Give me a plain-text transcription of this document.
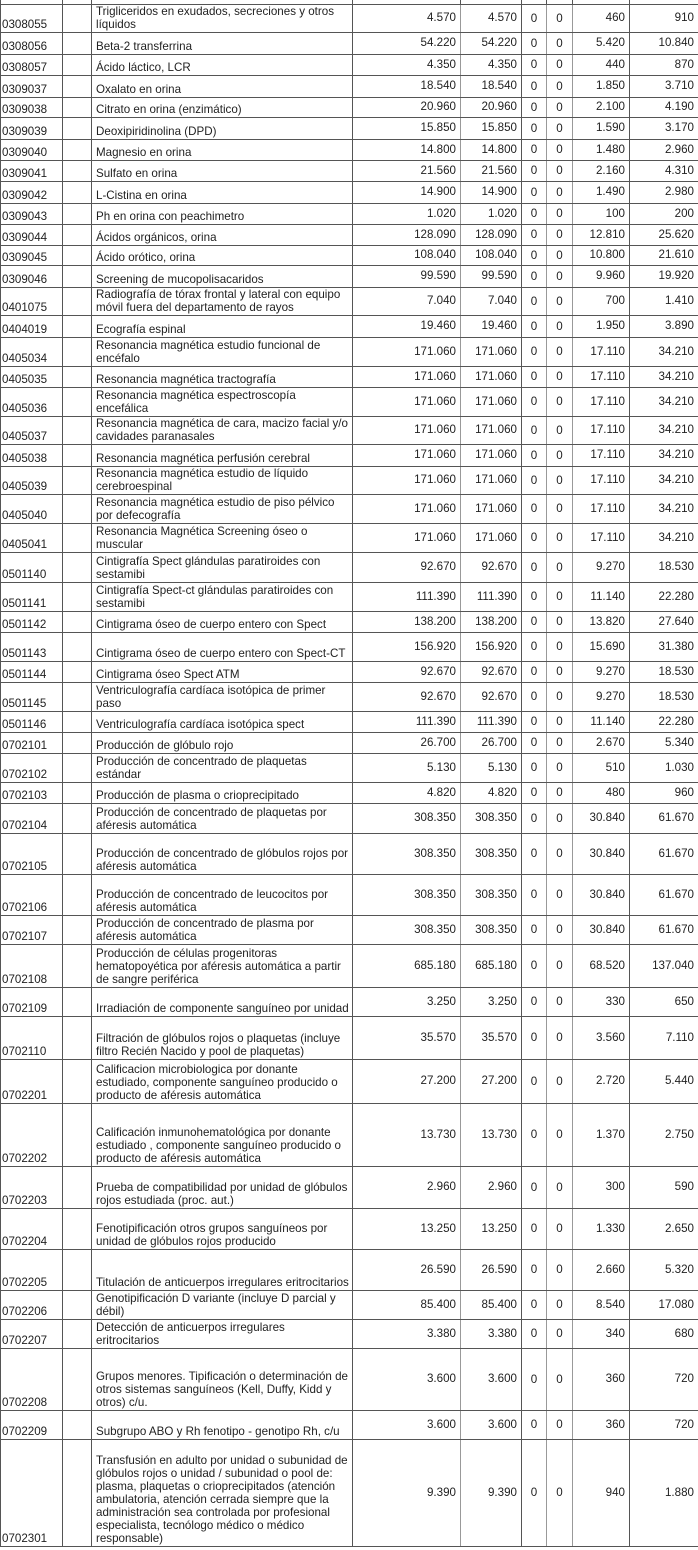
0308055		Trigliceridos en exudados, secreciones y otros líquidos	4.570	4.570	0	0	460	910
0308056		Beta-2 transferrina	54.220	54.220	0	0	5.420	10.840
0308057		Ácido láctico, LCR	4.350	4.350	0	0	440	870
0309037		Oxalato en orina	18.540	18.540	0	0	1.850	3.710
0309038		Citrato en orina (enzimático)	20.960	20.960	0	0	2.100	4.190
0309039		Deoxipiridinolina (DPD)	15.850	15.850	0	0	1.590	3.170
0309040		Magnesio en orina	14.800	14.800	0	0	1.480	2.960
0309041		Sulfato en orina	21.560	21.560	0	0	2.160	4.310
0309042		L-Cistina en orina	14.900	14.900	0	0	1.490	2.980
0309043		Ph en orina con peachimetro	1.020	1.020	0	0	100	200
0309044		Ácidos orgánicos, orina	128.090	128.090	0	0	12.810	25.620
0309045		Ácido orótico, orina	108.040	108.040	0	0	10.800	21.610
0309046		Screening de mucopolisacaridos	99.590	99.590	0	0	9.960	19.920
0401075		Radiografía de tórax frontal y lateral con equipo móvil fuera del departamento de rayos	7.040	7.040	0	0	700	1.410
0404019		Ecografía espinal	19.460	19.460	0	0	1.950	3.890
0405034		Resonancia magnética estudio funcional de encéfalo	171.060	171.060	0	0	17.110	34.210
0405035		Resonancia magnética tractografía	171.060	171.060	0	0	17.110	34.210
0405036		Resonancia magnética espectroscopía encefálica	171.060	171.060	0	0	17.110	34.210
0405037		Resonancia magnética de cara, macizo facial y/o cavidades paranasales	171.060	171.060	0	0	17.110	34.210
0405038		Resonancia magnética perfusión cerebral	171.060	171.060	0	0	17.110	34.210
0405039		Resonancia magnética estudio de líquido cerebroespinal	171.060	171.060	0	0	17.110	34.210
0405040		Resonancia magnética estudio de piso pélvico por defecografía	171.060	171.060	0	0	17.110	34.210
0405041		Resonancia Magnética Screening óseo o muscular	171.060	171.060	0	0	17.110	34.210
0501140		Cintigrafía Spect glándulas paratiroides con sestamibi	92.670	92.670	0	0	9.270	18.530
0501141		Cintigrafía Spect-ct glándulas paratiroides con sestamibi	111.390	111.390	0	0	11.140	22.280
0501142		Cintigrama óseo de cuerpo entero con Spect	138.200	138.200	0	0	13.820	27.640
0501143		Cintigrama óseo de cuerpo entero con Spect-CT	156.920	156.920	0	0	15.690	31.380
0501144		Cintigrama óseo Spect ATM	92.670	92.670	0	0	9.270	18.530
0501145		Ventriculografía cardíaca isotópica de primer paso	92.670	92.670	0	0	9.270	18.530
0501146		Ventriculografía cardíaca isotópica spect	111.390	111.390	0	0	11.140	22.280
0702101		Producción de glóbulo rojo	26.700	26.700	0	0	2.670	5.340
0702102		Producción de concentrado de plaquetas estándar	5.130	5.130	0	0	510	1.030
0702103		Producción de plasma o crioprecipitado	4.820	4.820	0	0	480	960
0702104		Producción de concentrado de plaquetas por aféresis automática	308.350	308.350	0	0	30.840	61.670
0702105		Producción de concentrado de glóbulos rojos por aféresis automática	308.350	308.350	0	0	30.840	61.670
0702106		Producción de concentrado de leucocitos por aféresis automática	308.350	308.350	0	0	30.840	61.670
0702107		Producción de concentrado de plasma por aféresis automática	308.350	308.350	0	0	30.840	61.670
0702108		Producción de células progenitoras hematopoyética por aféresis automática a partir de sangre periférica	685.180	685.180	0	0	68.520	137.040
0702109		Irradiación de componente sanguíneo por unidad	3.250	3.250	0	0	330	650
0702110		Filtración de glóbulos rojos o plaquetas (incluye filtro Recién Nacido y pool de plaquetas)	35.570	35.570	0	0	3.560	7.110
0702201		Calificacion microbiologica por donante estudiado, componente sanguíneo producido o producto de aféresis automática	27.200	27.200	0	0	2.720	5.440
0702202		Calificación inmunohematológica por donante estudiado , componente sanguíneo producido o producto de aféresis automática	13.730	13.730	0	0	1.370	2.750
0702203		Prueba de compatibilidad por unidad de glóbulos rojos estudiada (proc. aut.)	2.960	2.960	0	0	300	590
0702204		Fenotipificación otros grupos sanguíneos por unidad de glóbulos rojos producido	13.250	13.250	0	0	1.330	2.650
0702205		Titulación de anticuerpos irregulares eritrocitarios	26.590	26.590	0	0	2.660	5.320
0702206		Genotipificación D variante (incluye D parcial y débil)	85.400	85.400	0	0	8.540	17.080
0702207		Detección de anticuerpos irregulares eritrocitarios	3.380	3.380	0	0	340	680
0702208		Grupos menores. Tipificación o determinación de otros sistemas sanguíneos (Kell, Duffy, Kidd y otros) c/u.	3.600	3.600	0	0	360	720
0702209		Subgrupo ABO y Rh fenotipo - genotipo Rh, c/u	3.600	3.600	0	0	360	720
0702301		Transfusión en adulto por unidad o subunidad de glóbulos rojos o unidad / subunidad o pool de: plasma, plaquetas o crioprecipitados (atención ambulatoria, atención cerrada siempre que la administración sea controlada por profesional especialista, tecnólogo médico o médico responsable)	9.390	9.390	0	0	940	1.880
